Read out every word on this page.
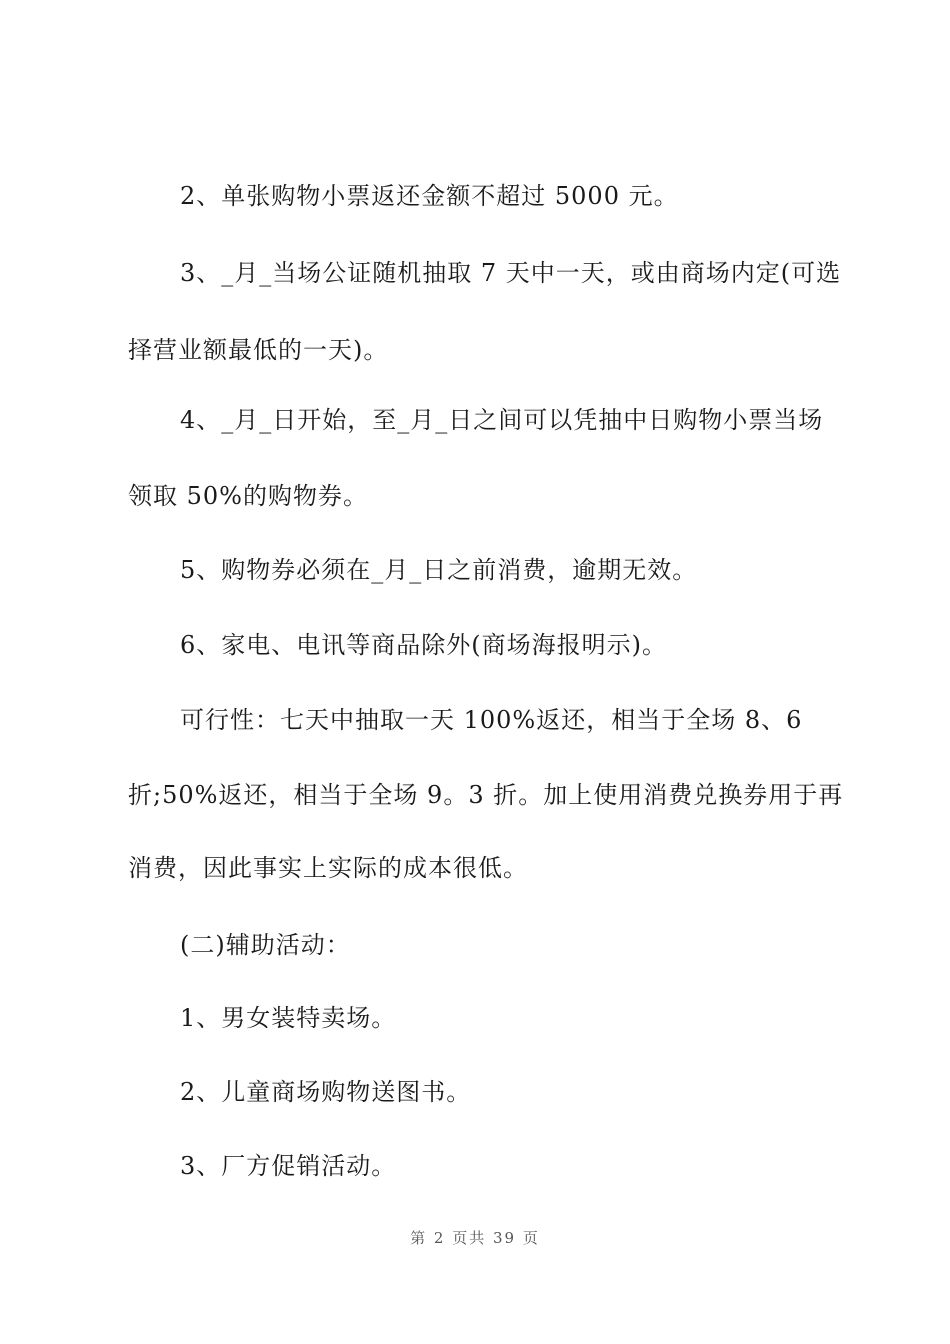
2、单张购物小票返还金额不超过 5000 元。
3、_月_当场公证随机抽取 7 天中一天，或由商场内定(可选
择营业额最低的一天)。
4、_月_日开始，至_月_日之间可以凭抽中日购物小票当场
领取 50%的购物券。
5、购物券必须在_月_日之前消费，逾期无效。
6、家电、电讯等商品除外(商场海报明示)。
可行性：七天中抽取一天 100%返还，相当于全场 8、6
折;50%返还，相当于全场 9。3 折。加上使用消费兑换券用于再
消费，因此事实上实际的成本很低。
(二)辅助活动：
1、男女装特卖场。
2、儿童商场购物送图书。
3、厂方促销活动。
第 2 页共 39 页
